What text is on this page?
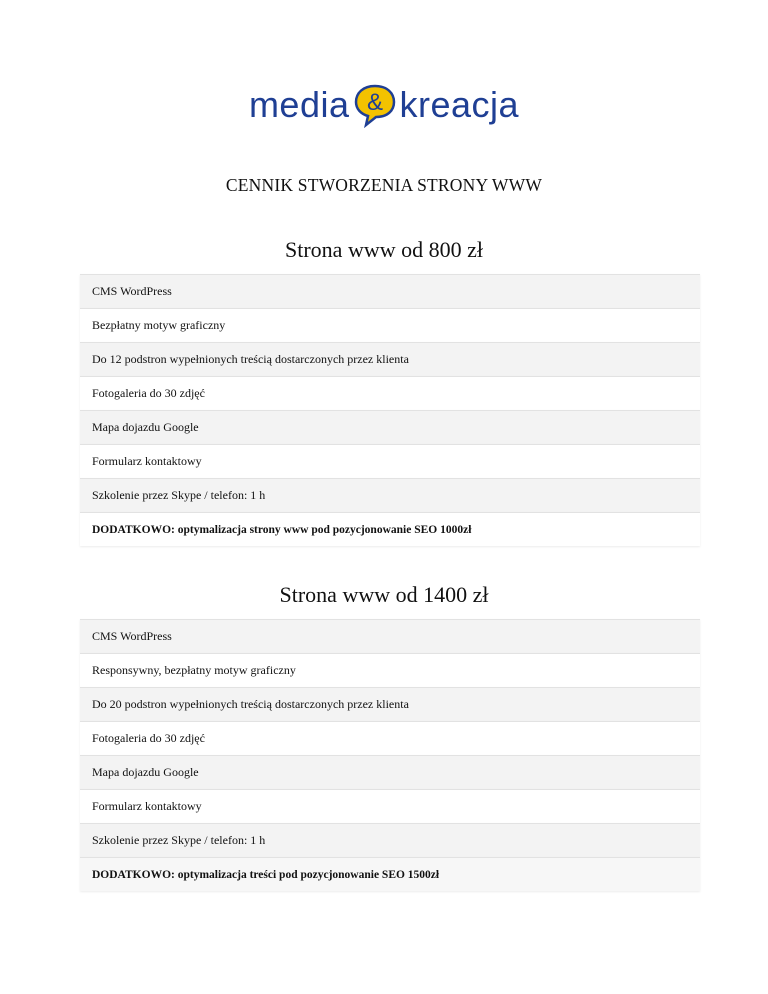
media & kreacja
CENNIK STWORZENIA STRONY WWW
Strona www od 800 zł
CMS WordPress
Bezpłatny motyw graficzny
Do 12 podstron wypełnionych treścią dostarczonych przez klienta
Fotogaleria do 30 zdjęć
Mapa dojazdu Google
Formularz kontaktowy
Szkolenie przez Skype / telefon: 1 h
DODATKOWO: optymalizacja strony www pod pozycjonowanie SEO 1000zł
Strona www od 1400 zł
CMS WordPress
Responsywny, bezpłatny motyw graficzny
Do 20 podstron wypełnionych treścią dostarczonych przez klienta
Fotogaleria do 30 zdjęć
Mapa dojazdu Google
Formularz kontaktowy
Szkolenie przez Skype / telefon: 1 h
DODATKOWO: optymalizacja treści pod pozycjonowanie SEO 1500zł
